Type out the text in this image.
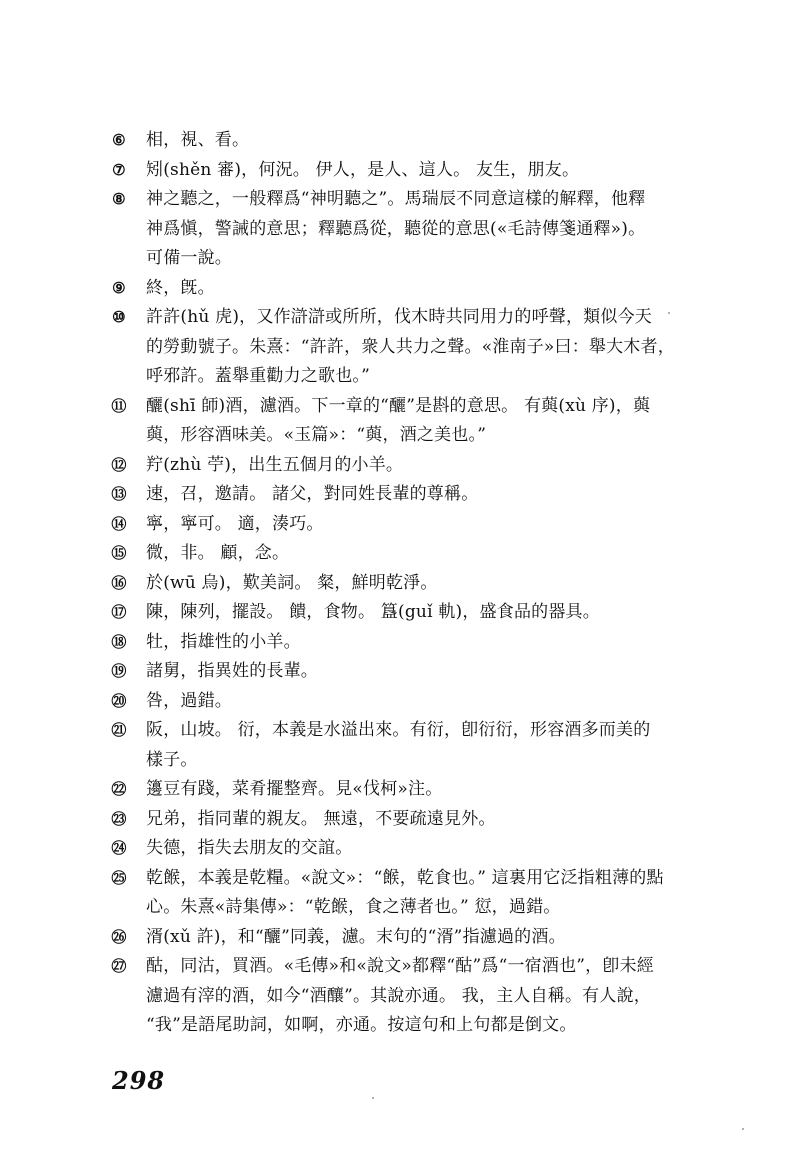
⑥ 相，視、看。
⑦ 矧(shěn 審)，何況。 伊人，是人、這人。 友生，朋友。
⑧ 神之聽之，一般釋爲“神明聽之”。馬瑞辰不同意這樣的解釋，他釋
神爲愼，警誡的意思；釋聽爲從，聽從的意思(«毛詩傳箋通釋»)。
可備一說。
⑨ 終，旣。
⑩ 許許(hǔ 虎)，又作滸滸或所所，伐木時共同用力的呼聲，類似今天
的勞動號子。朱熹：“許許，衆人共力之聲。«淮南子»曰：舉大木者，
呼邪許。蓋舉重勸力之歌也。”
⑪ 釃(shī 師)酒，濾酒。下一章的“釃”是斟的意思。 有藇(xù 序)，藇
藇，形容酒味美。«玉篇»：“藇，酒之美也。”
⑫ 羜(zhù 苧)，出生五個月的小羊。
⑬ 速，召，邀請。 諸父，對同姓長輩的尊稱。
⑭ 寧，寧可。 適，湊巧。
⑮ 微，非。 顧，念。
⑯ 於(wū 烏)，歎美詞。 粲，鮮明乾淨。
⑰ 陳，陳列，擺設。 饋，食物。 簋(guǐ 軌)，盛食品的器具。
⑱ 牡，指雄性的小羊。
⑲ 諸舅，指異姓的長輩。
⑳ 咎，過錯。
㉑ 阪，山坡。 衍，本義是水溢出來。有衍，卽衍衍，形容酒多而美的
樣子。
㉒ 籩豆有踐，菜肴擺整齊。見«伐柯»注。
㉓ 兄弟，指同輩的親友。 無遠，不要疏遠見外。
㉔ 失德，指失去朋友的交誼。
㉕ 乾餱，本義是乾糧。«說文»：“餱，乾食也。” 這裏用它泛指粗薄的點
心。朱熹«詩集傳»：“乾餱，食之薄者也。” 愆，過錯。
㉖ 湑(xǔ 許)，和“釃”同義，濾。末句的“湑”指濾過的酒。
㉗ 酤，同沽，買酒。«毛傳»和«說文»都釋“酤”爲“一宿酒也”，卽未經
濾過有滓的酒，如今“酒釀”。其說亦通。 我，主人自稱。有人說，
“我”是語尾助詞，如啊，亦通。按這句和上句都是倒文。
298
